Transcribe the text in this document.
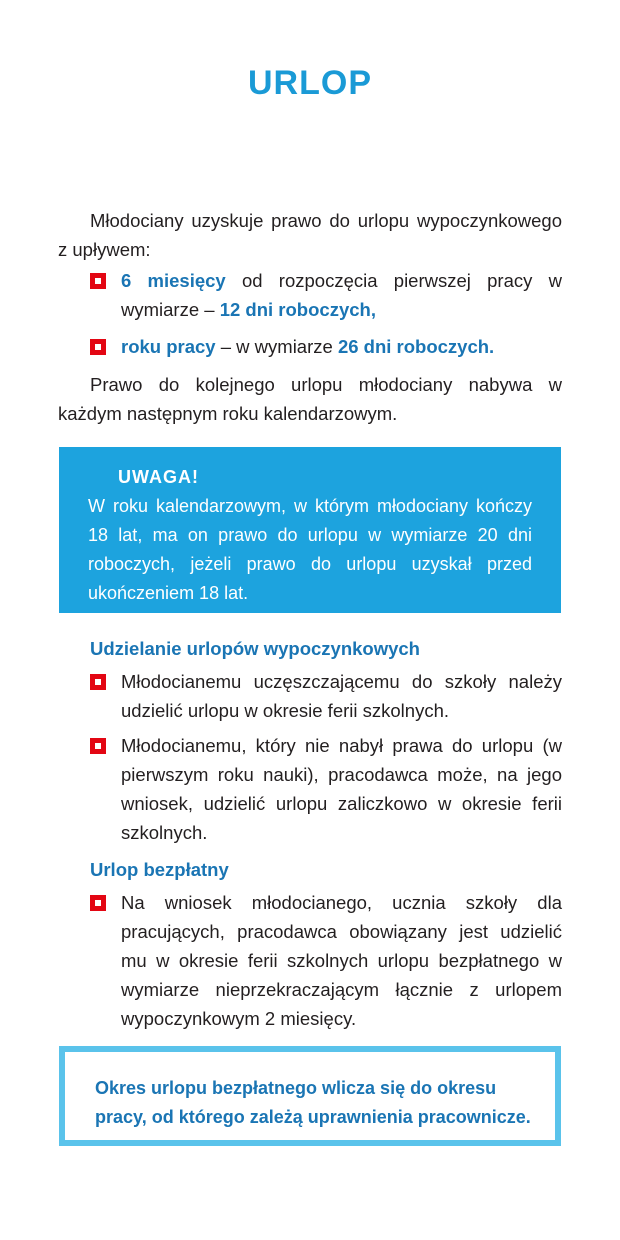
URLOP
Młodociany uzyskuje prawo do urlopu wypoczynkowego z upływem:
6 miesięcy od rozpoczęcia pierwszej pracy w wymiarze – 12 dni roboczych,
roku pracy – w wymiarze 26 dni roboczych.
Prawo do kolejnego urlopu młodociany nabywa w każdym następnym roku kalendarzowym.
UWAGA!
W roku kalendarzowym, w którym młodociany kończy 18 lat, ma on prawo do urlopu w wymiarze 20 dni roboczych, jeżeli prawo do urlopu uzyskał przed ukończeniem 18 lat.
Udzielanie urlopów wypoczynkowych
Młodocianemu uczęszczającemu do szkoły należy udzielić urlopu w okresie ferii szkolnych.
Młodocianemu, który nie nabył prawa do urlopu (w pierwszym roku nauki), pracodawca może, na jego wniosek, udzielić urlopu zaliczkowo w okresie ferii szkolnych.
Urlop bezpłatny
Na wniosek młodocianego, ucznia szkoły dla pracujących, pracodawca obowiązany jest udzielić mu w okresie ferii szkolnych urlopu bezpłatnego w wymiarze nieprzekraczającym łącznie z urlopem wypoczynkowym 2 miesięcy.
Okres urlopu bezpłatnego wlicza się do okresu pracy, od którego zależą uprawnienia pracownicze.
